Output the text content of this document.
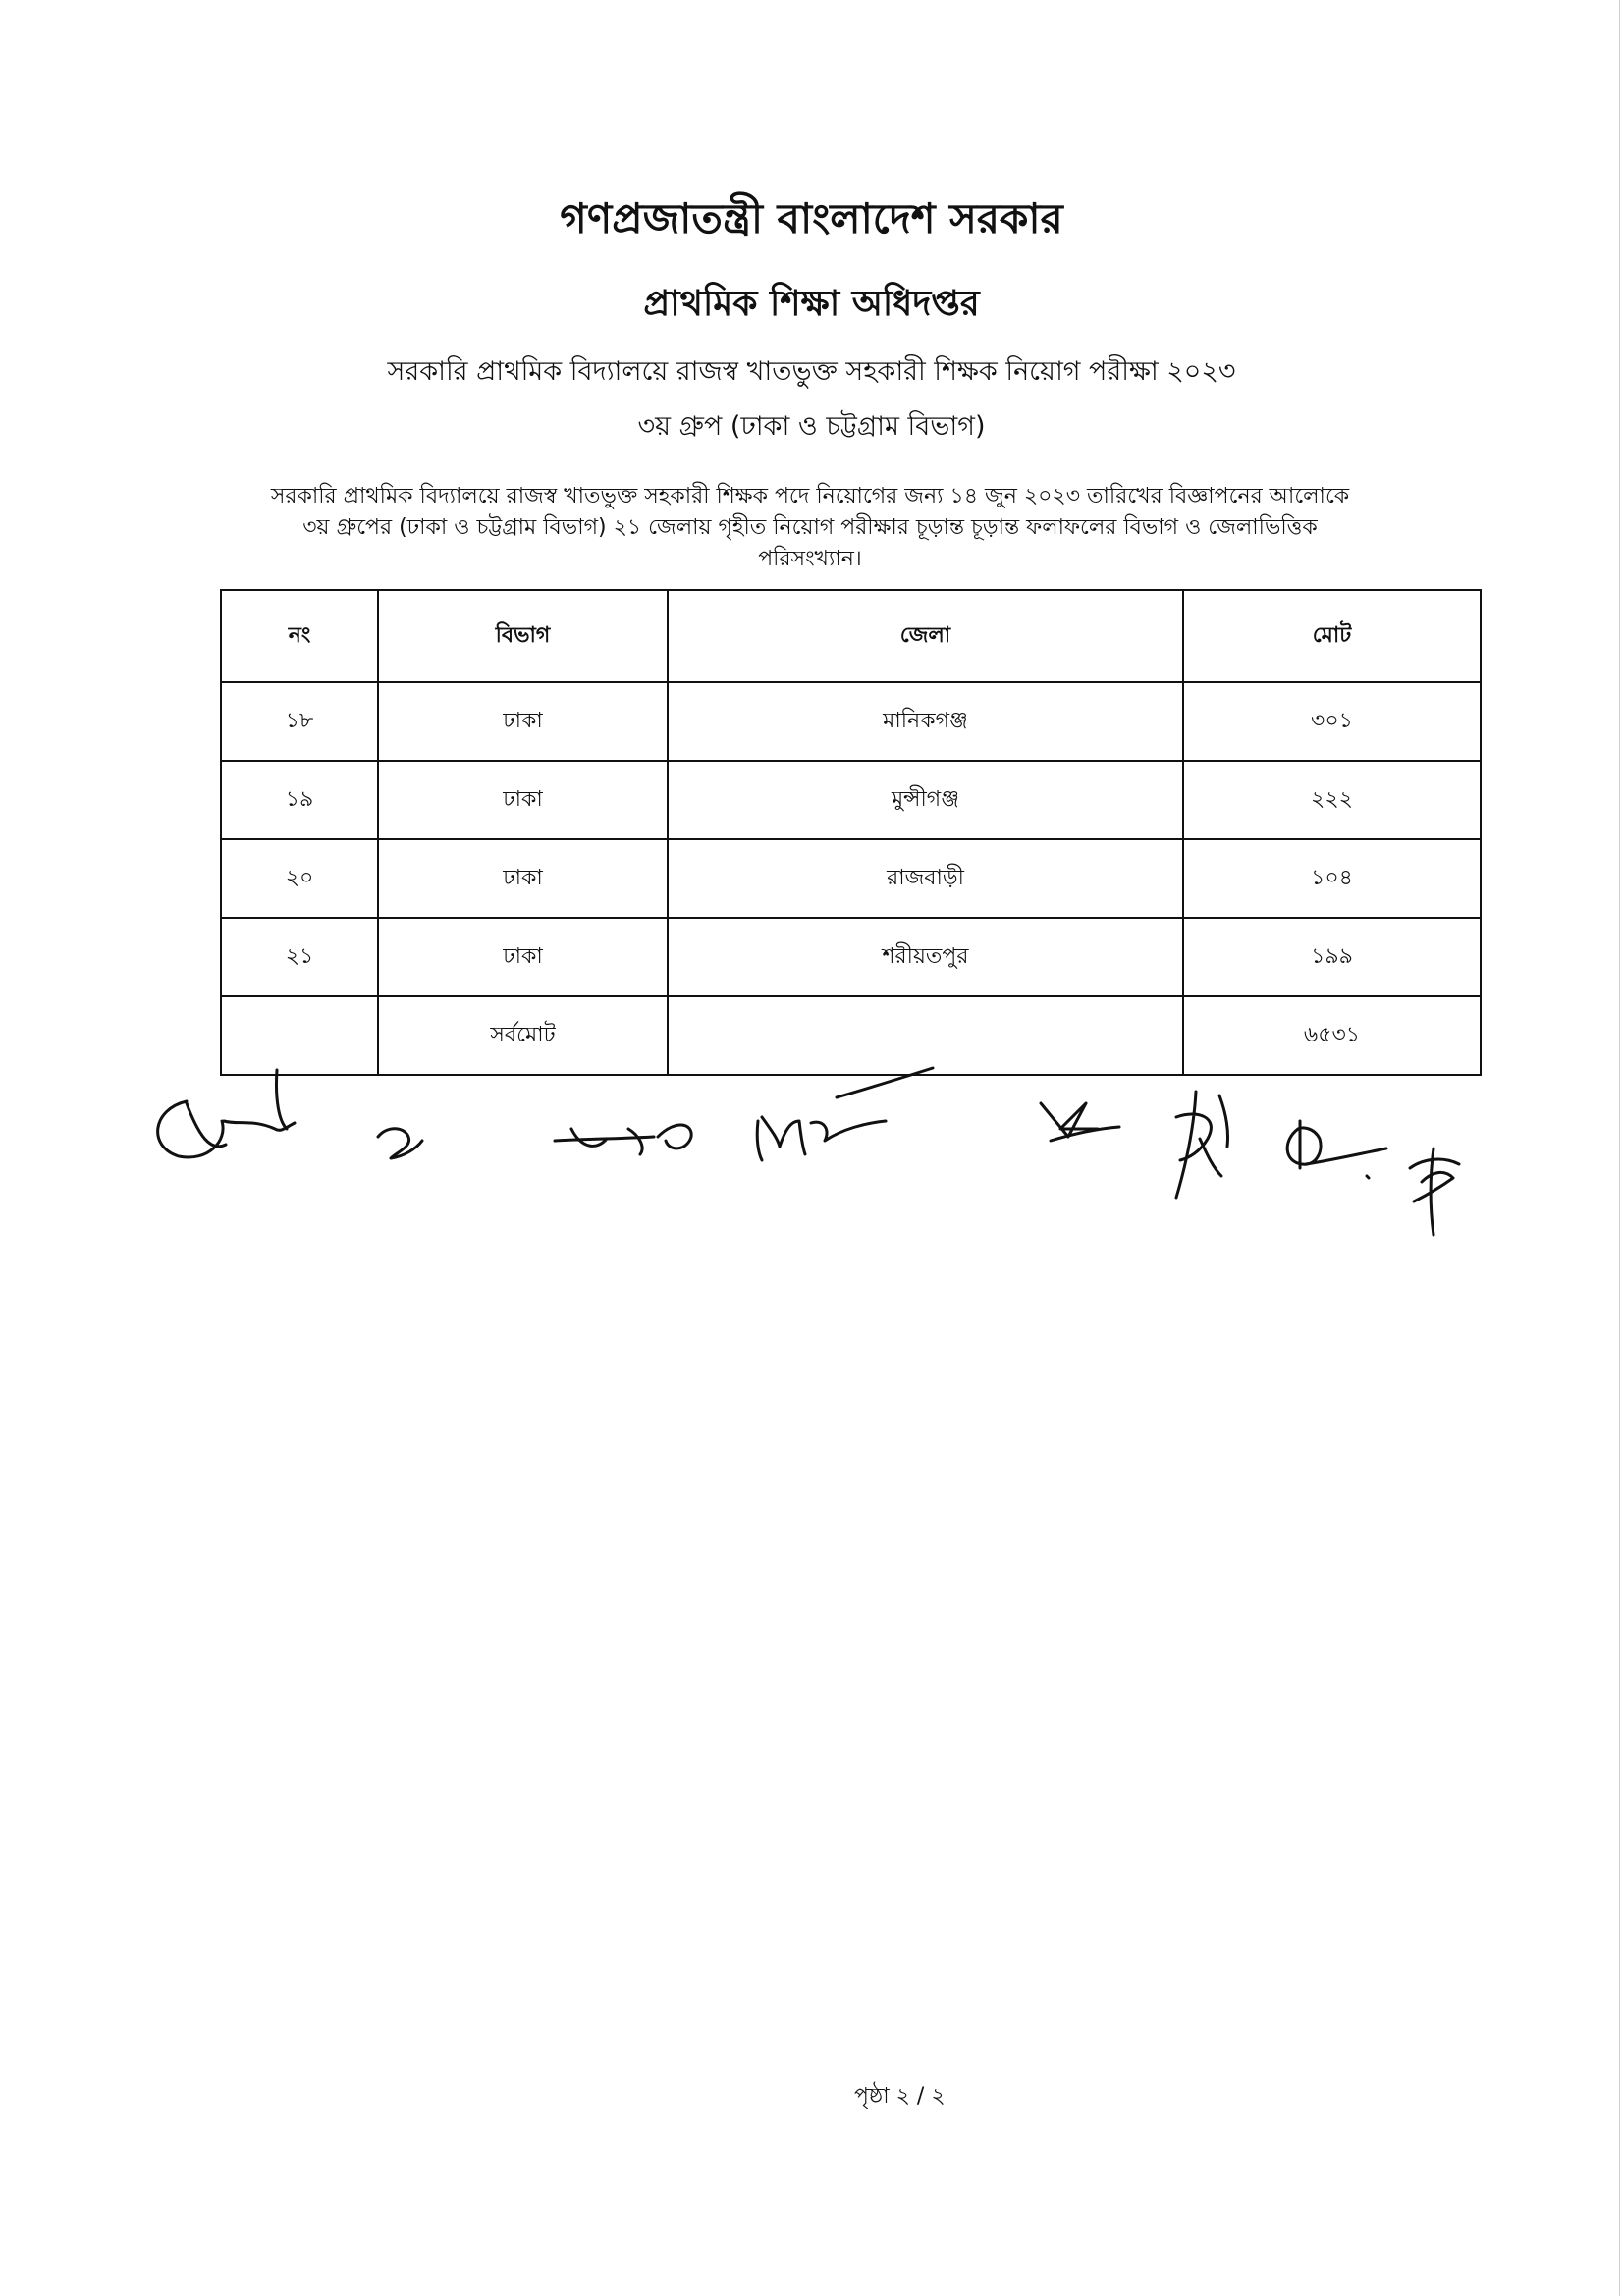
গণপ্রজাতন্ত্রী বাংলাদেশ সরকার
প্রাথমিক শিক্ষা অধিদপ্তর
সরকারি প্রাথমিক বিদ্যালয়ে রাজস্ব খাতভুক্ত সহকারী শিক্ষক নিয়োগ পরীক্ষা ২০২৩
৩য় গ্রুপ (ঢাকা ও চট্টগ্রাম বিভাগ)
সরকারি প্রাথমিক বিদ্যালয়ে রাজস্ব খাতভুক্ত সহকারী শিক্ষক পদে নিয়োগের জন্য ১৪ জুন ২০২৩ তারিখের বিজ্ঞাপনের আলোকে
৩য় গ্রুপের (ঢাকা ও চট্টগ্রাম বিভাগ) ২১ জেলায় গৃহীত নিয়োগ পরীক্ষার চূড়ান্ত চূড়ান্ত ফলাফলের বিভাগ ও জেলাভিত্তিক
পরিসংখ্যান।
নং	বিভাগ	জেলা	মোট
১৮	ঢাকা	মানিকগঞ্জ	৩০১
১৯	ঢাকা	মুন্সীগঞ্জ	২২২
২০	ঢাকা	রাজবাড়ী	১০৪
২১	ঢাকা	শরীয়তপুর	১৯৯
	সর্বমোট		৬৫৩১
পৃষ্ঠা ২ / ২
